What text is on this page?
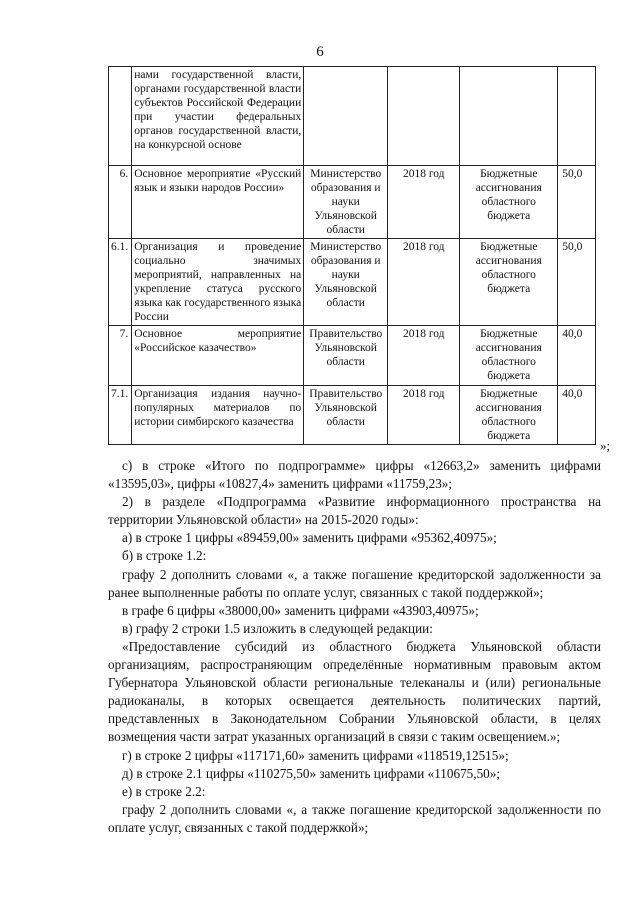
6
	нами государственной власти, органами государственной власти субъектов Российской Федерации при участии федеральных органов государственной власти, на конкурсной основе				
6.	Основное мероприятие «Русский язык и языки народов России»	Министерство образования и науки Ульяновской области	2018 год	Бюджетные ассигнования областного бюджета	50,0
6.1.	Организация и проведение социально значимых мероприятий, направленных на укрепление статуса русского языка как государственного языка России	Министерство образования и науки Ульяновской области	2018 год	Бюджетные ассигнования областного бюджета	50,0
7.	Основное мероприятие «Российское казачество»	Правительство Ульяновской области	2018 год	Бюджетные ассигнования областного бюджета	40,0
7.1.	Организация издания научно-популярных материалов по истории симбирского казачества	Правительство Ульяновской области	2018 год	Бюджетные ассигнования областного бюджета	40,0
»;

с) в строке «Итого по подпрограмме» цифры «12663,2» заменить цифрами «13595,03», цифры «10827,4» заменить цифрами «11759,23»;

2) в разделе «Подпрограмма «Развитие информационного пространства на территории Ульяновской области» на 2015-2020 годы»:

а) в строке 1 цифры «89459,00» заменить цифрами «95362,40975»;

б) в строке 1.2:

графу 2 дополнить словами «, а также погашение кредиторской задолженности за ранее выполненные работы по оплате услуг, связанных с такой поддержкой»;

в графе 6 цифры «38000,00» заменить цифрами «43903,40975»;

в) графу 2 строки 1.5 изложить в следующей редакции:

«Предоставление субсидий из областного бюджета Ульяновской области организациям, распространяющим определённые нормативным правовым актом Губернатора Ульяновской области региональные телеканалы и (или) региональные радиоканалы, в которых освещается деятельность политических партий, представленных в Законодательном Собрании Ульяновской области, в целях возмещения части затрат указанных организаций в связи с таким освещением.»;

г) в строке 2 цифры «117171,60» заменить цифрами «118519,12515»;

д) в строке 2.1 цифры «110275,50» заменить цифрами «110675,50»;

е) в строке 2.2:

графу 2 дополнить словами «, а также погашение кредиторской задолженности по оплате услуг, связанных с такой поддержкой»;
